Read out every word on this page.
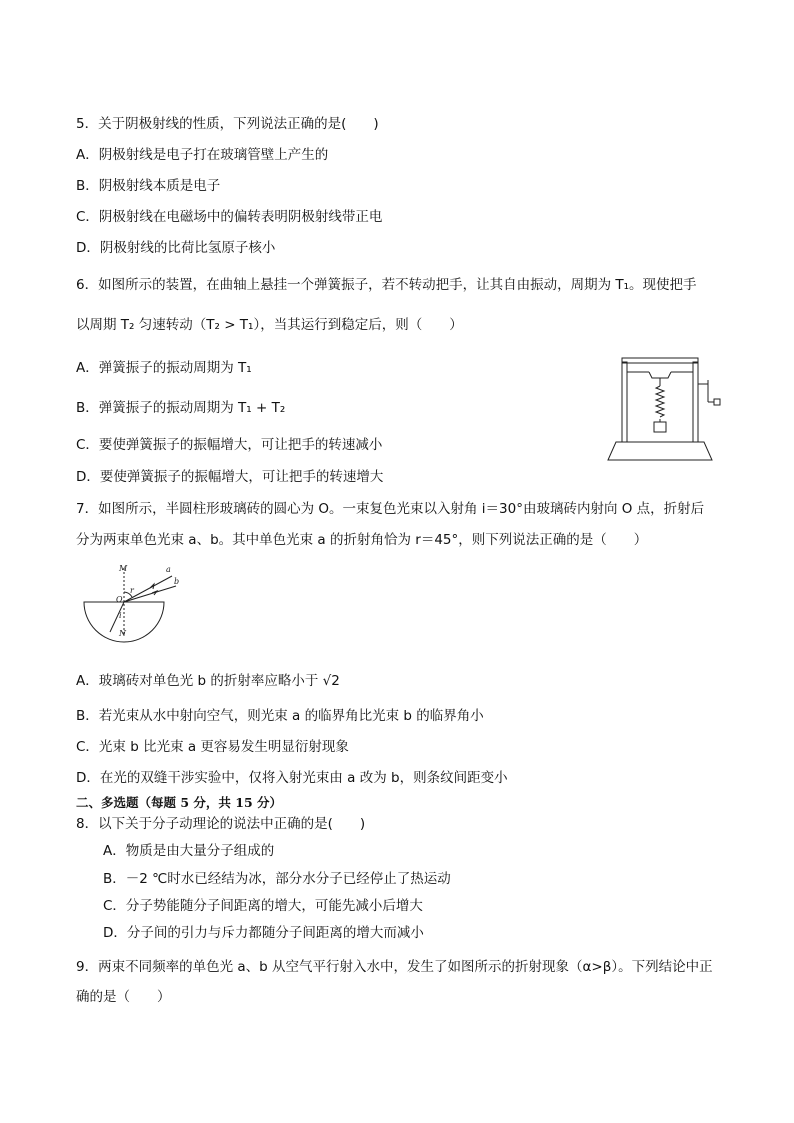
5．关于阴极射线的性质，下列说法正确的是(　　)
A．阴极射线是电子打在玻璃管壁上产生的
B．阴极射线本质是电子
C．阴极射线在电磁场中的偏转表明阴极射线带正电
D．阴极射线的比荷比氢原子核小
6．如图所示的装置，在曲轴上悬挂一个弹簧振子，若不转动把手，让其自由振动，周期为 T₁。现使把手
以周期 T₂ 匀速转动（T₂ > T₁），当其运行到稳定后，则（　　）
A．弹簧振子的振动周期为 T₁
B．弹簧振子的振动周期为 T₁ + T₂
C．要使弹簧振子的振幅增大，可让把手的转速减小
D．要使弹簧振子的振幅增大，可让把手的转速增大
7．如图所示，半圆柱形玻璃砖的圆心为 O。一束复色光束以入射角 i＝30°由玻璃砖内射向 O 点，折射后
分为两束单色光束 a、b。其中单色光束 a 的折射角恰为 r＝45°，则下列说法正确的是（　　）
M
O
r
i
N
a
b
A．玻璃砖对单色光 b 的折射率应略小于 √2
B．若光束从水中射向空气，则光束 a 的临界角比光束 b 的临界角小
C．光束 b 比光束 a 更容易发生明显衍射现象
D．在光的双缝干涉实验中，仅将入射光束由 a 改为 b，则条纹间距变小
二、多选题（每题 5 分，共 15 分）
8．以下关于分子动理论的说法中正确的是(　　)
A．物质是由大量分子组成的
B．－2 ℃时水已经结为冰，部分水分子已经停止了热运动
C．分子势能随分子间距离的增大，可能先减小后增大
D．分子间的引力与斥力都随分子间距离的增大而减小
9．两束不同频率的单色光 a、b 从空气平行射入水中，发生了如图所示的折射现象（α>β）。下列结论中正
确的是（　　）
